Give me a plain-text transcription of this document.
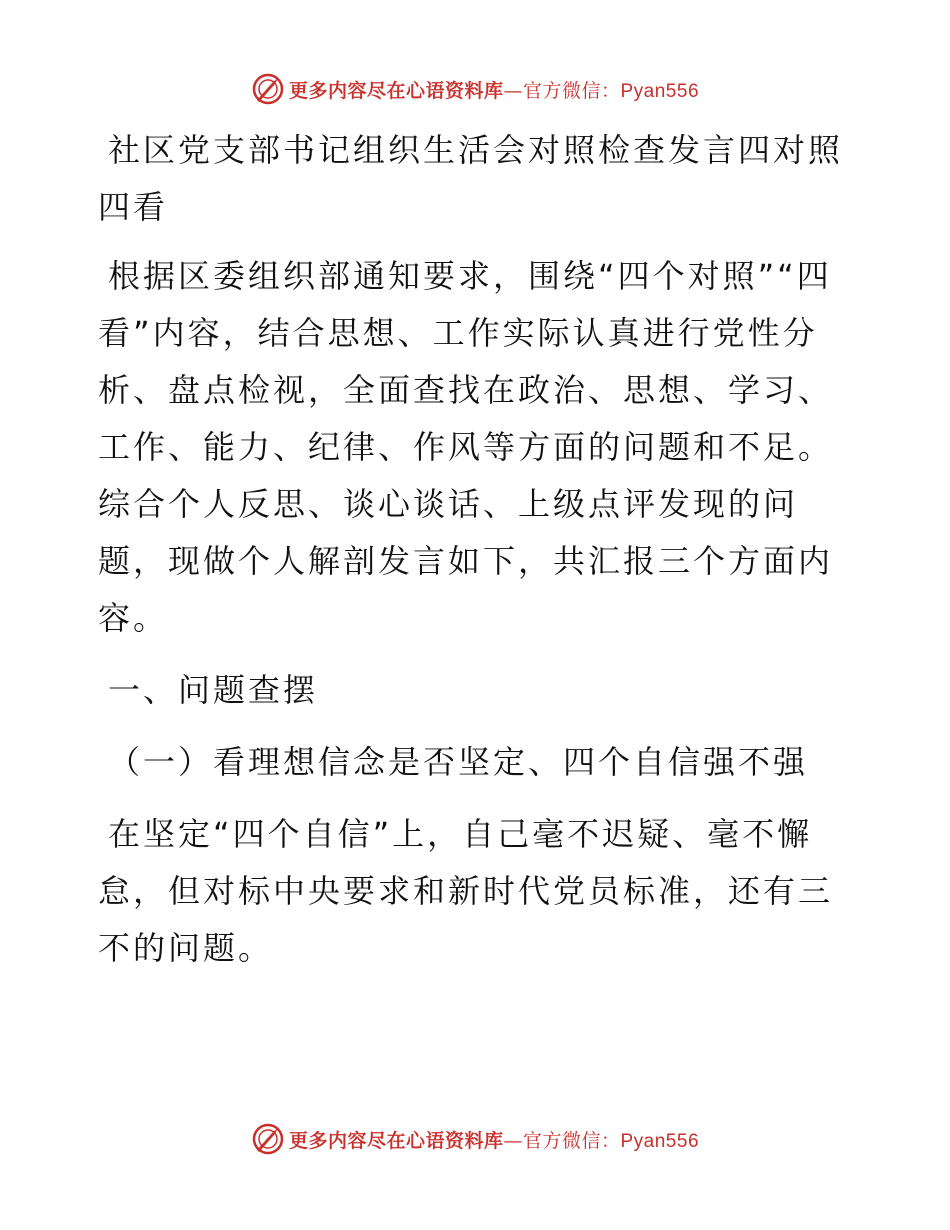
更多内容尽在心语资料库—官方微信：Pyan556

社区党支部书记组织生活会对照检查发言四对照四看

根据区委组织部通知要求，围绕“四个对照”“四看”内容，结合思想、工作实际认真进行党性分析、盘点检视，全面查找在政治、思想、学习、工作、能力、纪律、作风等方面的问题和不足。综合个人反思、谈心谈话、上级点评发现的问题，现做个人解剖发言如下，共汇报三个方面内容。

一、问题查摆

（一）看理想信念是否坚定、四个自信强不强

在坚定“四个自信”上，自己毫不迟疑、毫不懈怠，但对标中央要求和新时代党员标准，还有三不的问题。

更多内容尽在心语资料库—官方微信：Pyan556
